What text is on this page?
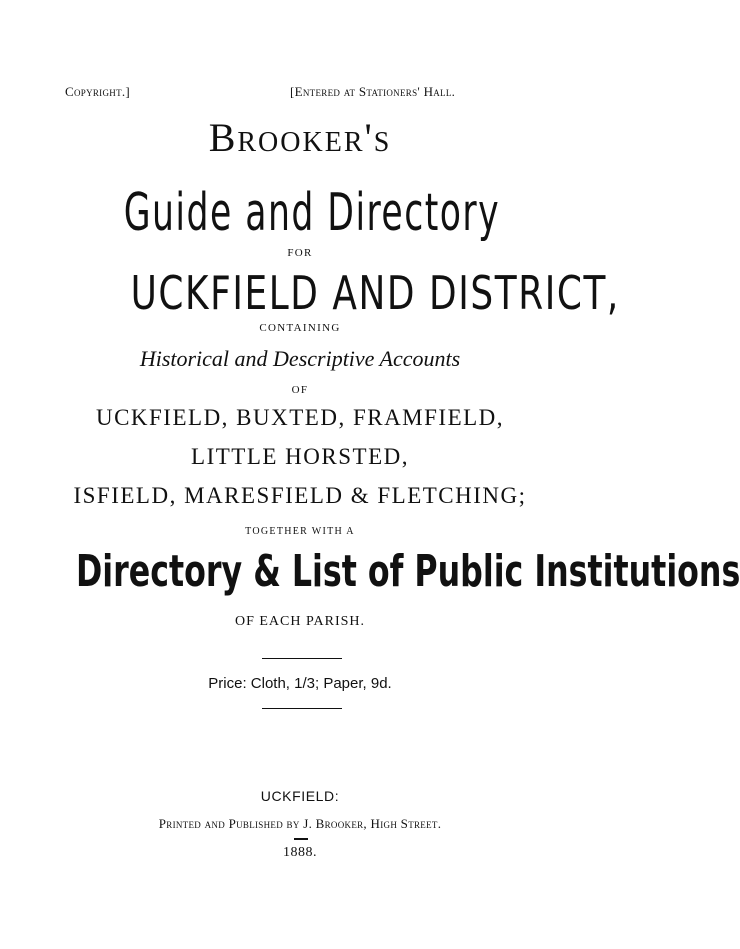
Copyright.]	[Entered at Stationers' Hall.
Brooker's
Guide and Directory
FOR
UCKFIELD AND DISTRICT,
CONTAINING
Historical and Descriptive Accounts
OF
UCKFIELD, BUXTED, FRAMFIELD,
LITTLE HORSTED,
ISFIELD, MARESFIELD & FLETCHING;
TOGETHER WITH A
Directory & List of Public Institutions
OF EACH PARISH.
Price: Cloth, 1/3; Paper, 9d.
UCKFIELD:
Printed and Published by J. Brooker, High Street.
1888.
